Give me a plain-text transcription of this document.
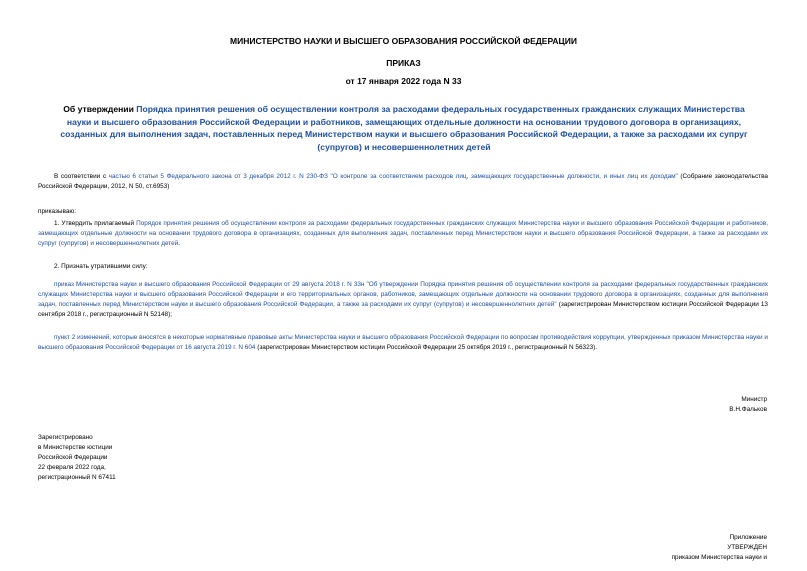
МИНИСТЕРСТВО НАУКИ И ВЫСШЕГО ОБРАЗОВАНИЯ РОССИЙСКОЙ ФЕДЕРАЦИИ
ПРИКАЗ
от 17 января 2022 года N 33
Об утверждении Порядка принятия решения об осуществлении контроля за расходами федеральных государственных гражданских служащих Министерства науки и высшего образования Российской Федерации и работников, замещающих отдельные должности на основании трудового договора в организациях, созданных для выполнения задач, поставленных перед Министерством науки и высшего образования Российской Федерации, а также за расходами их супруг (супругов) и несовершеннолетних детей
В соответствии с частью 6 статьи 5 Федерального закона от 3 декабря 2012 г. N 230-ФЗ "О контроле за соответствием расходов лиц, замещающих государственные должности, и иных лиц их доходам" (Собрание законодательства Российской Федерации, 2012, N 50, ст.6953)
приказываю:
1. Утвердить прилагаемый Порядок принятия решения об осуществлении контроля за расходами федеральных государственных гражданских служащих Министерства науки и высшего образования Российской Федерации и работников, замещающих отдельные должности на основании трудового договора в организациях, созданных для выполнения задач, поставленных перед Министерством науки и высшего образования Российской Федерации, а также за расходами их супруг (супругов) и несовершеннолетних детей.
2. Признать утратившими силу:
приказ Министерства науки и высшего образования Российской Федерации от 29 августа 2018 г. N 33н "Об утверждении Порядка принятия решения об осуществлении контроля за расходами федеральных государственных гражданских служащих Министерства науки и высшего образования Российской Федерации и его территориальных органов, работников, замещающих отдельные должности на основании трудового договора в организациях, созданных для выполнения задач, поставленных перед Министерством науки и высшего образования Российской Федерации, а также за расходами их супруг (супругов) и несовершеннолетних детей" (зарегистрирован Министерством юстиции Российской Федерации 13 сентября 2018 г., регистрационный N 52148);
пункт 2 изменений, которые вносятся в некоторые нормативные правовые акты Министерства науки и высшего образования Российской Федерации по вопросам противодействия коррупции, утвержденных приказом Министерства науки и высшего образования Российской Федерации от 16 августа 2019 г. N 604 (зарегистрирован Министерством юстиции Российской Федерации 25 октября 2019 г., регистрационный N 56323).
Министр
В.Н.Фальков
Зарегистрировано
в Министерстве юстиции
Российской Федерации
22 февраля 2022 года,
регистрационный N 67411
Приложение
УТВЕРЖДЕН
приказом Министерства науки и
